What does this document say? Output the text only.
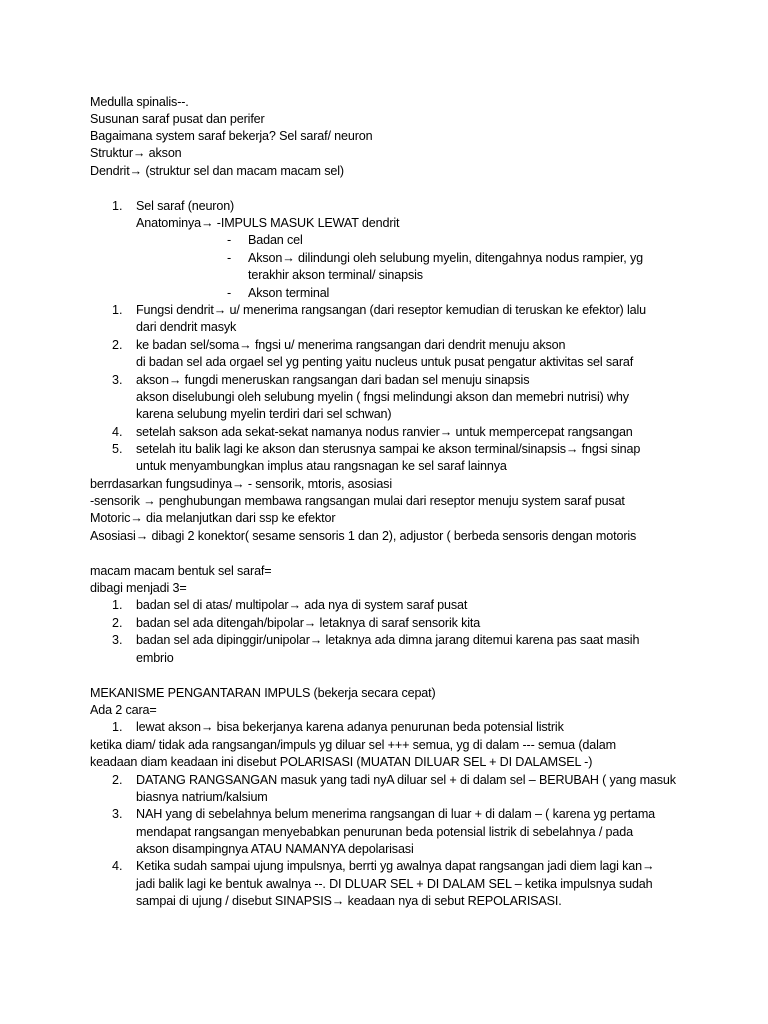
Medulla spinalis--.
Susunan saraf pusat dan perifer
Bagaimana system saraf bekerja? Sel saraf/ neuron
Struktur→ akson
Dendrit→ (struktur sel dan macam macam sel)
1. Sel saraf (neuron)
Anatominya→ -IMPULS MASUK LEWAT dendrit
- Badan cel
- Akson→ dilindungi oleh selubung myelin, ditengahnya nodus rampier, yg
terakhir akson terminal/ sinapsis
- Akson terminal
1. Fungsi dendrit→ u/ menerima rangsangan (dari reseptor kemudian di teruskan ke efektor) lalu
dari dendrit masyk
2. ke badan sel/soma→ fngsi u/ menerima rangsangan dari dendrit menuju akson
di badan sel ada orgael sel yg penting yaitu nucleus untuk pusat pengatur aktivitas sel saraf
3. akson→ fungdi meneruskan rangsangan dari badan sel menuju sinapsis
akson diselubungi oleh selubung myelin ( fngsi melindungi akson dan memebri nutrisi) why
karena selubung myelin terdiri dari sel schwan)
4. setelah sakson ada sekat-sekat namanya nodus ranvier→ untuk mempercepat rangsangan
5. setelah itu balik lagi ke akson dan sterusnya sampai ke akson terminal/sinapsis→ fngsi sinap
untuk menyambungkan implus atau rangsnagan ke sel saraf lainnya
berrdasarkan fungsudinya→ - sensorik, mtoris, asosiasi
-sensorik → penghubungan membawa rangsangan mulai dari reseptor menuju system saraf pusat
Motoric→ dia melanjutkan dari ssp ke efektor
Asosiasi→ dibagi 2 konektor( sesame sensoris 1 dan 2), adjustor ( berbeda sensoris dengan motoris
macam macam bentuk sel saraf=
dibagi menjadi 3=
1. badan sel di atas/ multipolar→ ada nya di system saraf pusat
2. badan sel ada ditengah/bipolar→ letaknya di saraf sensorik kita
3. badan sel ada dipinggir/unipolar→ letaknya ada dimna jarang ditemui karena pas saat masih
embrio
MEKANISME PENGANTARAN IMPULS (bekerja secara cepat)
Ada 2 cara=
1. lewat akson→ bisa bekerjanya karena adanya penurunan beda potensial listrik
ketika diam/ tidak ada rangsangan/impuls yg diluar sel +++ semua, yg di dalam --- semua (dalam
keadaan diam keadaan ini disebut POLARISASI (MUATAN DILUAR SEL + DI DALAMSEL -)
2. DATANG RANGSANGAN masuk yang tadi nyA diluar sel + di dalam sel – BERUBAH ( yang masuk
biasnya natrium/kalsium
3. NAH yang di sebelahnya belum menerima rangsangan di luar + di dalam – ( karena yg pertama
mendapat rangsangan menyebabkan penurunan beda potensial listrik di sebelahnya / pada
akson disampingnya ATAU NAMANYA depolarisasi
4. Ketika sudah sampai ujung impulsnya, berrti yg awalnya dapat rangsangan jadi diem lagi kan→
jadi balik lagi ke bentuk awalnya --. DI DLUAR SEL + DI DALAM SEL – ketika impulsnya sudah
sampai di ujung / disebut SINAPSIS→ keadaan nya di sebut REPOLARISASI.
